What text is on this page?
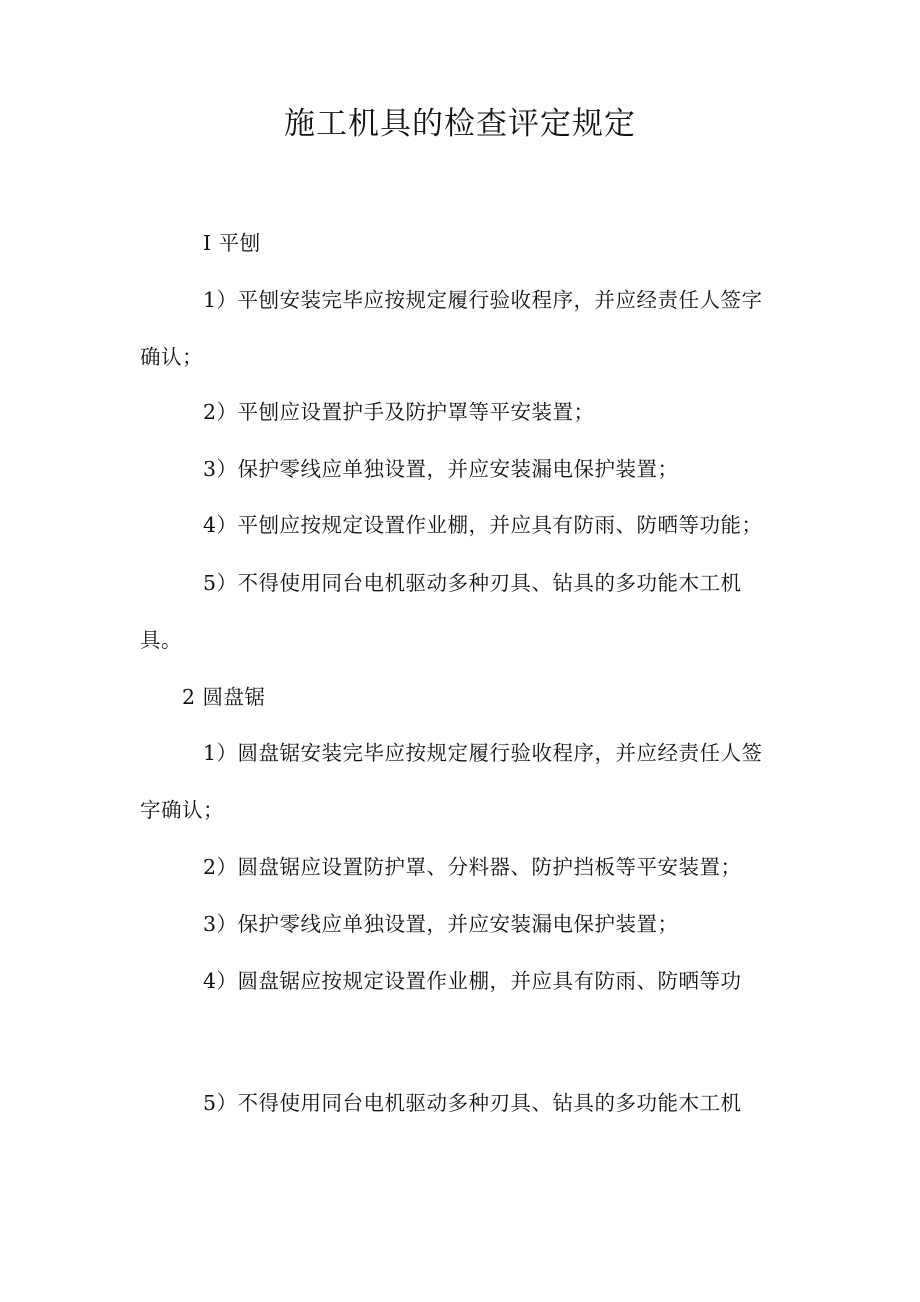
施工机具的检查评定规定

I 平刨

1）平刨安装完毕应按规定履行验收程序，并应经责任人签字

确认；

2）平刨应设置护手及防护罩等平安装置；

3）保护零线应单独设置，并应安装漏电保护装置；

4）平刨应按规定设置作业棚，并应具有防雨、防晒等功能；

5）不得使用同台电机驱动多种刃具、钻具的多功能木工机

具。

2 圆盘锯

1）圆盘锯安装完毕应按规定履行验收程序，并应经责任人签

字确认；

2）圆盘锯应设置防护罩、分料器、防护挡板等平安装置；

3）保护零线应单独设置，并应安装漏电保护装置；

4）圆盘锯应按规定设置作业棚，并应具有防雨、防晒等功

5）不得使用同台电机驱动多种刃具、钻具的多功能木工机
